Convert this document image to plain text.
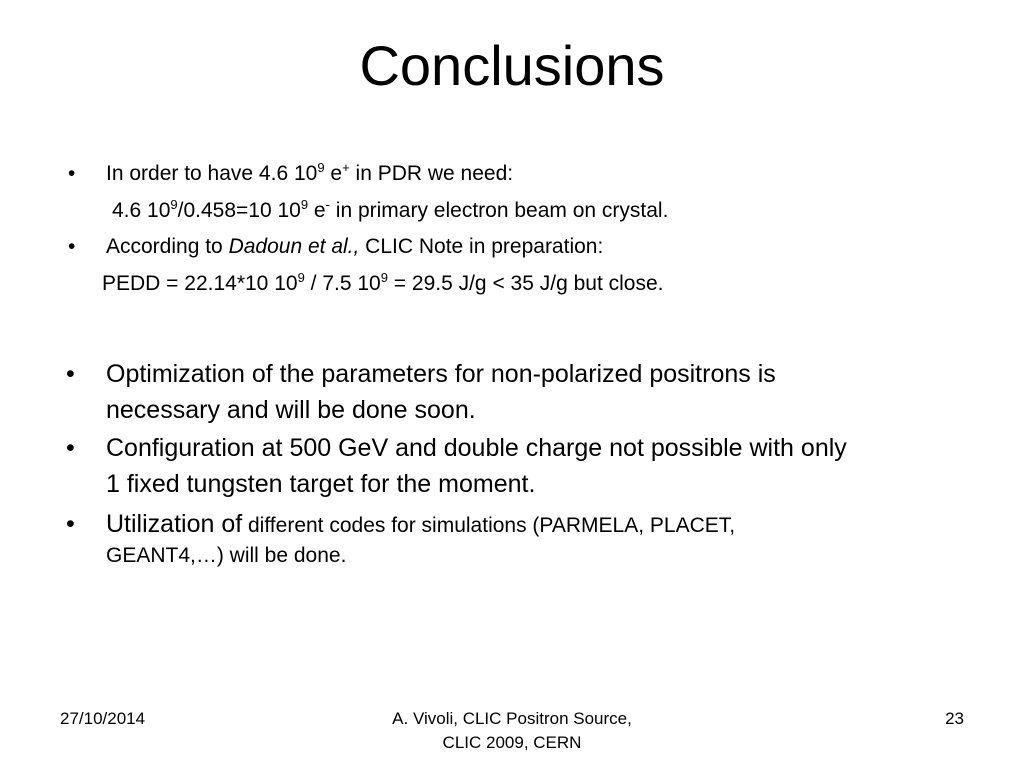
Conclusions
• In order to have 4.6 $10^9$ e+ in PDR we need:
4.6 $10^9/0.458=10$ $10^9$ e- in primary electron beam on crystal.
• According to Dadoun et al., CLIC Note in preparation:
PEDD = 22.14*10 $10^9 / 7.5$ $10^9 = 29.5$ J/g < 35 J/g but close.
• Optimization of the parameters for non-polarized positrons is
necessary and will be done soon.
• Configuration at 500 GeV and double charge not possible with only
1 fixed tungsten target for the moment.
• Utilization of different codes for simulations (PARMELA, PLACET,
GEANT4,…) will be done.
27/10/2014	A. Vivoli, CLIC Positron Source,
CLIC 2009, CERN
23
